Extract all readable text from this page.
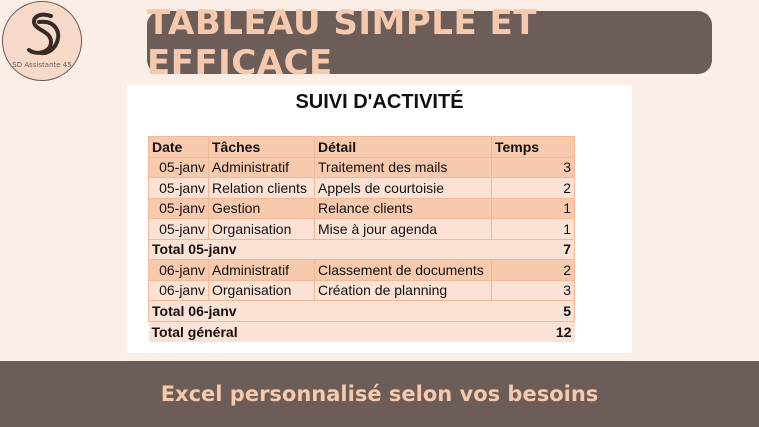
SD Assistante 45
TABLEAU SIMPLE ET EFFICACE
SUIVI D'ACTIVITÉ
Date	Tâches	Détail	Temps
05-janv	Administratif	Traitement des mails	3
05-janv	Relation clients	Appels de courtoisie	2
05-janv	Gestion	Relance clients	1
05-janv	Organisation	Mise à jour agenda	1
Total 05-janv			7
06-janv	Administratif	Classement de documents	2
06-janv	Organisation	Création de planning	3
Total 06-janv			5
Total général			12
Excel personnalisé selon vos besoins
